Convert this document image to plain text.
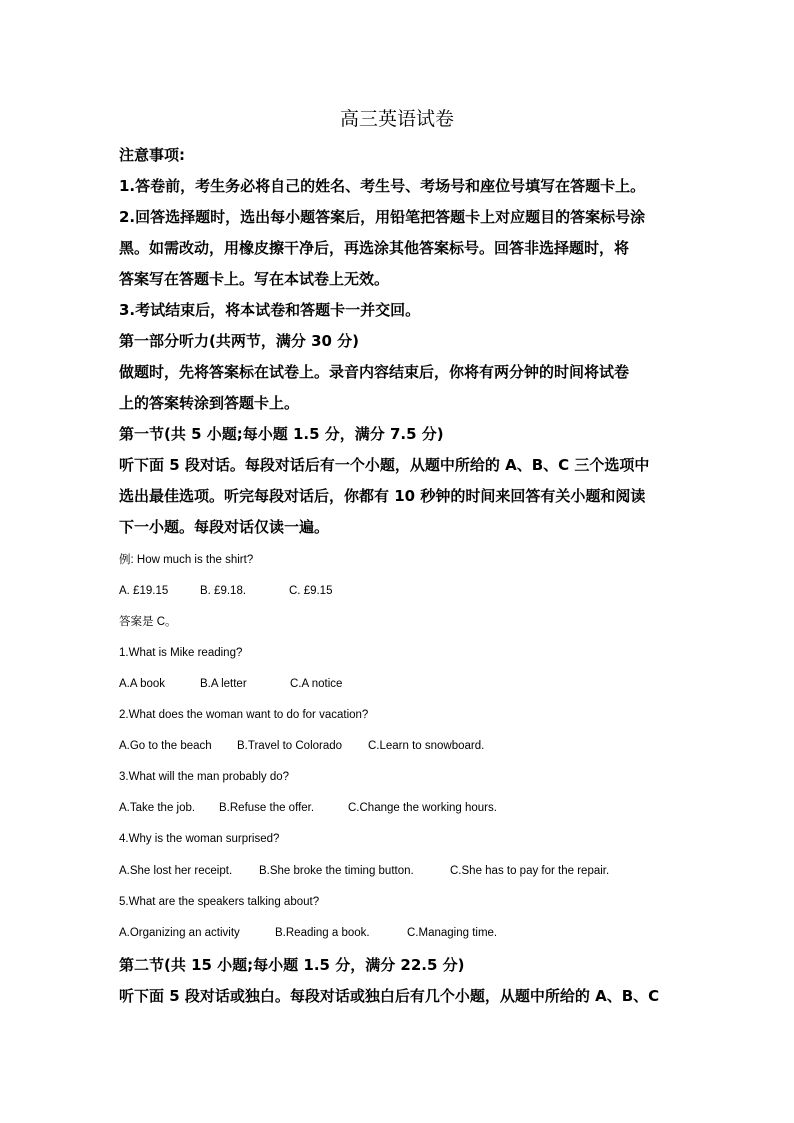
高三英语试卷
注意事项:
1.答卷前，考生务必将自己的姓名、考生号、考场号和座位号填写在答题卡上。
2.回答选择题时，选出每小题答案后，用铅笔把答题卡上对应题目的答案标号涂
黑。如需改动，用橡皮擦干净后，再选涂其他答案标号。回答非选择题时，将
答案写在答题卡上。写在本试卷上无效。
3.考试结束后，将本试卷和答题卡一并交回。
第一部分听力(共两节，满分 30 分)
做题时，先将答案标在试卷上。录音内容结束后，你将有两分钟的时间将试卷
上的答案转涂到答题卡上。
第一节(共 5 小题;每小题 1.5 分，满分 7.5 分)
听下面 5 段对话。每段对话后有一个小题，从题中所给的 A、B、C 三个选项中
选出最佳选项。听完每段对话后，你都有 10 秒钟的时间来回答有关小题和阅读
下一小题。每段对话仅读一遍。
例: How much is the shirt?
A. £19.15	B. £9.18.	C. £9.15
答案是 C。
1.What is Mike reading?
A.A book	B.A letter	C.A notice
2.What does the woman want to do for vacation?
A.Go to the beach B.Travel to Colorado C.Learn to snowboard.
3.What will the man probably do?
A.Take the job. B.Refuse the offer.	C.Change the working hours.
4.Why is the woman surprised?
A.She lost her receipt. B.She broke the timing button.	C.She has to pay for the repair.
5.What are the speakers talking about?
A.Organizing an activity	B.Reading a book.	C.Managing time.
第二节(共 15 小题;每小题 1.5 分，满分 22.5 分)
听下面 5 段对话或独白。每段对话或独白后有几个小题，从题中所给的 A、B、C
